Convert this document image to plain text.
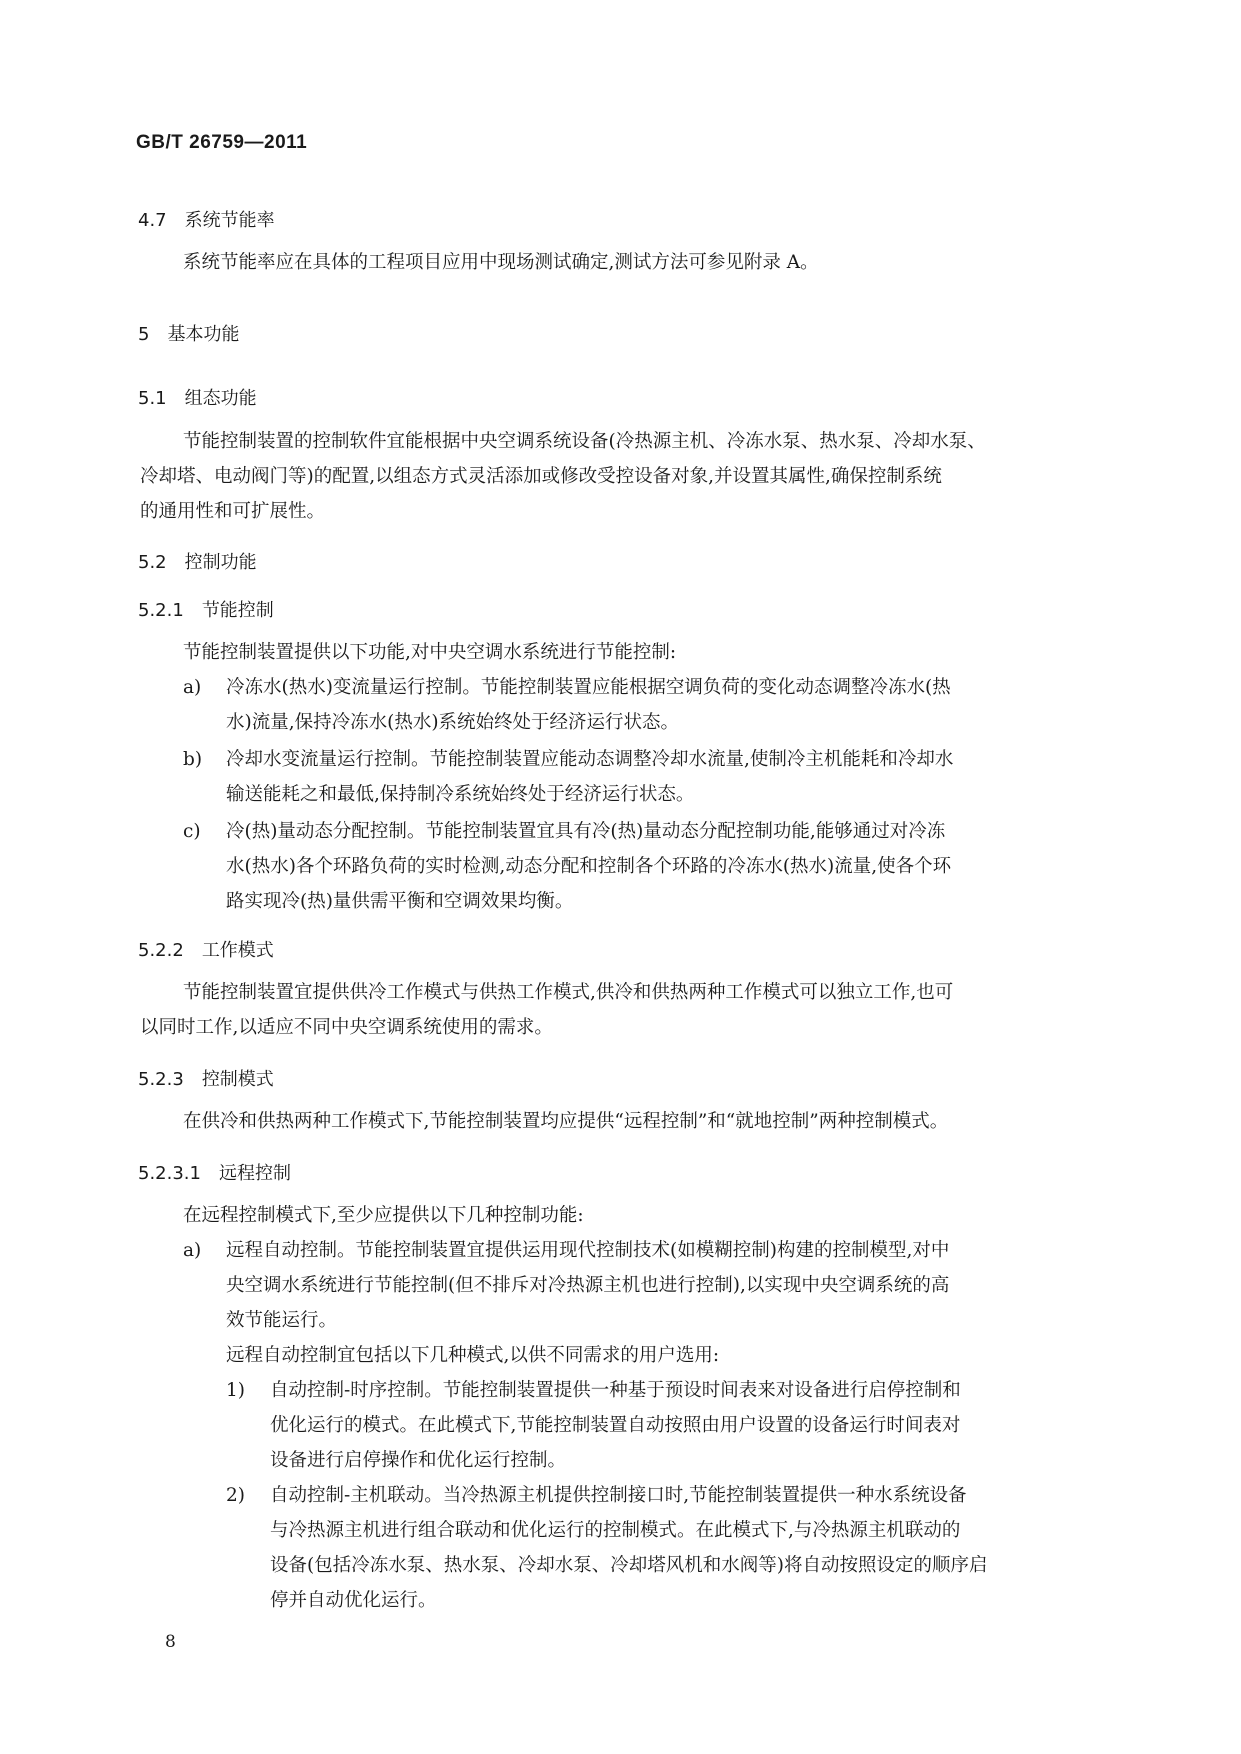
GB/T 26759—2011
4.7 系统节能率
系统节能率应在具体的工程项目应用中现场测试确定,测试方法可参见附录 A。
5 基本功能
5.1 组态功能
节能控制装置的控制软件宜能根据中央空调系统设备(冷热源主机、冷冻水泵、热水泵、冷却水泵、
冷却塔、电动阀门等)的配置,以组态方式灵活添加或修改受控设备对象,并设置其属性,确保控制系统
的通用性和可扩展性。
5.2 控制功能
5.2.1 节能控制
节能控制装置提供以下功能,对中央空调水系统进行节能控制:
a) 冷冻水(热水)变流量运行控制。节能控制装置应能根据空调负荷的变化动态调整冷冻水(热
水)流量,保持冷冻水(热水)系统始终处于经济运行状态。
b) 冷却水变流量运行控制。节能控制装置应能动态调整冷却水流量,使制冷主机能耗和冷却水
输送能耗之和最低,保持制冷系统始终处于经济运行状态。
c) 冷(热)量动态分配控制。节能控制装置宜具有冷(热)量动态分配控制功能,能够通过对冷冻
水(热水)各个环路负荷的实时检测,动态分配和控制各个环路的冷冻水(热水)流量,使各个环
路实现冷(热)量供需平衡和空调效果均衡。
5.2.2 工作模式
节能控制装置宜提供供冷工作模式与供热工作模式,供冷和供热两种工作模式可以独立工作,也可
以同时工作,以适应不同中央空调系统使用的需求。
5.2.3 控制模式
在供冷和供热两种工作模式下,节能控制装置均应提供“远程控制”和“就地控制”两种控制模式。
5.2.3.1 远程控制
在远程控制模式下,至少应提供以下几种控制功能:
a) 远程自动控制。节能控制装置宜提供运用现代控制技术(如模糊控制)构建的控制模型,对中
央空调水系统进行节能控制(但不排斥对冷热源主机也进行控制),以实现中央空调系统的高
效节能运行。
远程自动控制宜包括以下几种模式,以供不同需求的用户选用:
1) 自动控制-时序控制。节能控制装置提供一种基于预设时间表来对设备进行启停控制和
优化运行的模式。在此模式下,节能控制装置自动按照由用户设置的设备运行时间表对
设备进行启停操作和优化运行控制。
2) 自动控制-主机联动。当冷热源主机提供控制接口时,节能控制装置提供一种水系统设备
与冷热源主机进行组合联动和优化运行的控制模式。在此模式下,与冷热源主机联动的
设备(包括冷冻水泵、热水泵、冷却水泵、冷却塔风机和水阀等)将自动按照设定的顺序启
停并自动优化运行。
8
